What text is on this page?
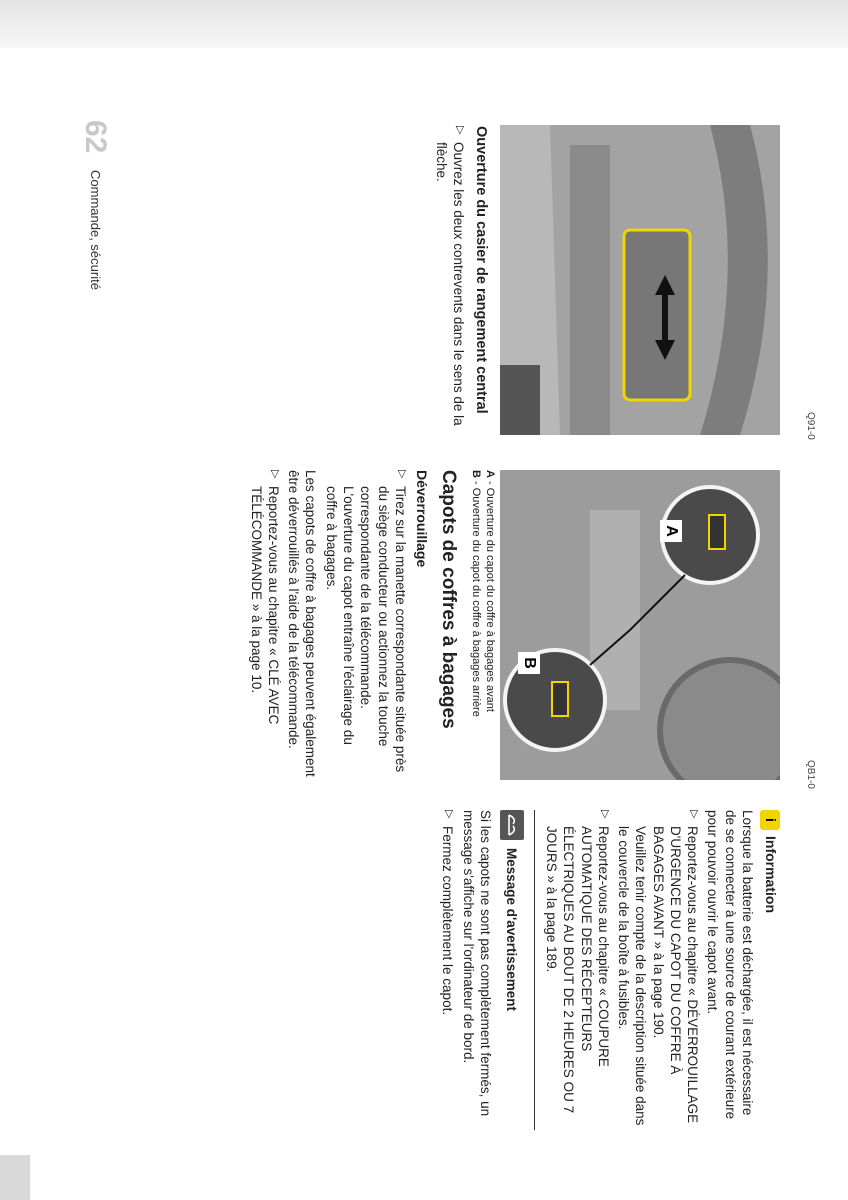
62
Commande, sécurité
Q91-0
Ouverture du casier de rangement central
▷
Ouvrez les deux contrevents dans le sens de la flèche.
A
B
QB1-0
A - Ouverture du capot du coffre à bagages avant
B - Ouverture du capot du coffre à bagages arrière
Capots de coffres à bagages
Déverrouillage
▷
Tirez sur la manette correspondante située près du siège conducteur ou actionnez la touche correspondante de la télécommande.
L'ouverture du capot entraîne l'éclairage du coffre à bagages.
Les capots de coffre à bagages peuvent également être déverrouillés à l'aide de la télécommande.
▷
Reportez-vous au chapitre « CLÉ AVEC TÉLÉCOMMANDE » à la page 10.
i
Information
Lorsque la batterie est déchargée, il est nécessaire de se connecter à une source de courant extérieure pour pouvoir ouvrir le capot avant.
▷
Reportez-vous au chapitre « DÉVERROUILLAGE D'URGENCE DU CAPOT DU COFFRE À BAGAGES AVANT » à la page 190.
Veuillez tenir compte de la description située dans le couvercle de la boîte à fusibles.
▷
Reportez-vous au chapitre « COUPURE AUTOMATIQUE DES RÉCEPTEURS ÉLECTRIQUES AU BOUT DE 2 HEURES OU 7 JOURS » à la page 189.
Message d'avertissement
Si les capots ne sont pas complètement fermés, un message s'affiche sur l'ordinateur de bord.
▷
Fermez complètement le capot.
